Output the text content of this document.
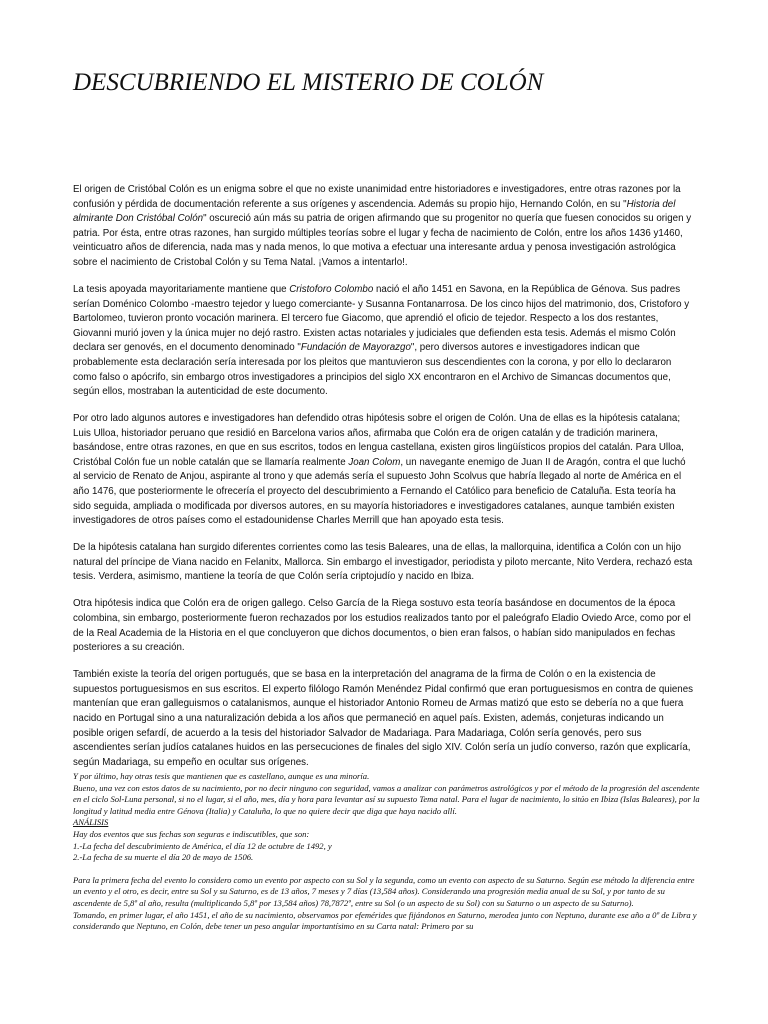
DESCUBRIENDO EL MISTERIO DE COLÓN

El origen de Cristóbal Colón es un enigma sobre el que no existe unanimidad entre historiadores e investigadores, entre otras razones por la confusión y pérdida de documentación referente a sus orígenes y ascendencia. Además su propio hijo, Hernando Colón, en su "Historia del almirante Don Cristóbal Colón" oscureció aún más su patria de origen afirmando que su progenitor no quería que fuesen conocidos su origen y patria. Por ésta, entre otras razones, han surgido múltiples teorías sobre el lugar y fecha de nacimiento de Colón, entre los años 1436 y1460, veinticuatro años de diferencia, nada mas y nada menos, lo que motiva a efectuar una interesante ardua y penosa investigación astrológica sobre el nacimiento de Cristobal Colón y su Tema Natal. ¡Vamos a intentarlo!.

La tesis apoyada mayoritariamente mantiene que Cristoforo Colombo nació el año 1451 en Savona, en la República de Génova. Sus padres serían Doménico Colombo -maestro tejedor y luego comerciante- y Susanna Fontanarrosa. De los cinco hijos del matrimonio, dos, Cristoforo y Bartolomeo, tuvieron pronto vocación marinera. El tercero fue Giacomo, que aprendió el oficio de tejedor. Respecto a los dos restantes, Giovanni murió joven y la única mujer no dejó rastro. Existen actas notariales y judiciales que defienden esta tesis. Además el mismo Colón declara ser genovés, en el documento denominado "Fundación de Mayorazgo", pero diversos autores e investigadores indican que probablemente esta declaración sería interesada por los pleitos que mantuvieron sus descendientes con la corona, y por ello lo declararon como falso o apócrifo, sin embargo otros investigadores a principios del siglo XX encontraron en el Archivo de Simancas documentos que, según ellos, mostraban la autenticidad de este documento.

Por otro lado algunos autores e investigadores han defendido otras hipótesis sobre el origen de Colón. Una de ellas es la hipótesis catalana; Luis Ulloa, historiador peruano que residió en Barcelona varios años, afirmaba que Colón era de origen catalán y de tradición marinera, basándose, entre otras razones, en que en sus escritos, todos en lengua castellana, existen giros lingüísticos propios del catalán. Para Ulloa, Cristóbal Colón fue un noble catalán que se llamaría realmente Joan Colom, un navegante enemigo de Juan II de Aragón, contra el que luchó al servicio de Renato de Anjou, aspirante al trono y que además sería el supuesto John Scolvus que habría llegado al norte de América en el año 1476, que posteriormente le ofrecería el proyecto del descubrimiento a Fernando el Católico para beneficio de Cataluña. Esta teoría ha sido seguida, ampliada o modificada por diversos autores, en su mayoría historiadores e investigadores catalanes, aunque también existen investigadores de otros países como el estadounidense Charles Merrill que han apoyado esta tesis.

De la hipótesis catalana han surgido diferentes corrientes como las tesis Baleares, una de ellas, la mallorquina, identifica a Colón con un hijo natural del príncipe de Viana nacido en Felanitx, Mallorca. Sin embargo el investigador, periodista y piloto mercante, Nito Verdera, rechazó esta tesis. Verdera, asimismo, mantiene la teoría de que Colón sería criptojudío y nacido en Ibiza.

Otra hipótesis indica que Colón era de origen gallego. Celso García de la Riega sostuvo esta teoría basándose en documentos de la época colombina, sin embargo, posteriormente fueron rechazados por los estudios realizados tanto por el paleógrafo Eladio Oviedo Arce, como por el de la Real Academia de la Historia en el que concluyeron que dichos documentos, o bien eran falsos, o habían sido manipulados en fechas posteriores a su creación.

También existe la teoría del origen portugués, que se basa en la interpretación del anagrama de la firma de Colón o en la existencia de supuestos portuguesismos en sus escritos. El experto filólogo Ramón Menéndez Pidal confirmó que eran portuguesismos en contra de quienes mantenían que eran galleguismos o catalanismos, aunque el historiador Antonio Romeu de Armas matizó que esto se debería no a que fuera nacido en Portugal sino a una naturalización debida a los años que permaneció en aquel país. Existen, además, conjeturas indicando un posible origen sefardí, de acuerdo a la tesis del historiador Salvador de Madariaga. Para Madariaga, Colón sería genovés, pero sus ascendientes serían judíos catalanes huidos en las persecuciones de finales del siglo XIV. Colón sería un judío converso, razón que explicaría, según Madariaga, su empeño en ocultar sus orígenes.

Y por último, hay otras tesis que mantienen que es castellano, aunque es una minoría.

Bueno, una vez con estos datos de su nacimiento, por no decir ninguno con seguridad, vamos a analizar con parámetros astrológicos y por el método de la progresión del ascendente en el ciclo Sol-Luna personal, si no el lugar, si el año, mes, día y hora para levantar así su supuesto Tema natal. Para el lugar de nacimiento, lo sitúo en Ibiza (Islas Baleares), por la longitud y latitud media entre Génova (Italia) y Cataluña, lo que no quiere decir que diga que haya nacido allí.

ANÁLISIS

Hay dos eventos que sus fechas son seguras e indiscutibles, que son:

1.-La fecha del descubrimiento de América, el día 12 de octubre de 1492, y

2.-La fecha de su muerte el día 20 de mayo de 1506.

Para la primera fecha del evento lo considero como un evento por aspecto con su Sol y la segunda, como un evento con aspecto de su Saturno. Según ese método la diferencia entre un evento y el otro, es decir, entre su Sol y su Saturno, es de 13 años, 7 meses y 7 días (13,584 años). Considerando una progresión media anual de su Sol, y por tanto de su ascendente de 5,8º al año, resulta (multiplicando 5,8º por 13,584 años) 78,7872º, entre su Sol (o un aspecto de su Sol) con su Saturno o un aspecto de su Saturno).

Tomando, en primer lugar, el año 1451, el año de su nacimiento, observamos por efemérides que fijándonos en Saturno, merodea junto con Neptuno, durante ese año a 0º de Libra y considerando que Neptuno, en Colón, debe tener un peso angular importantísimo en su Carta natal: Primero por su
